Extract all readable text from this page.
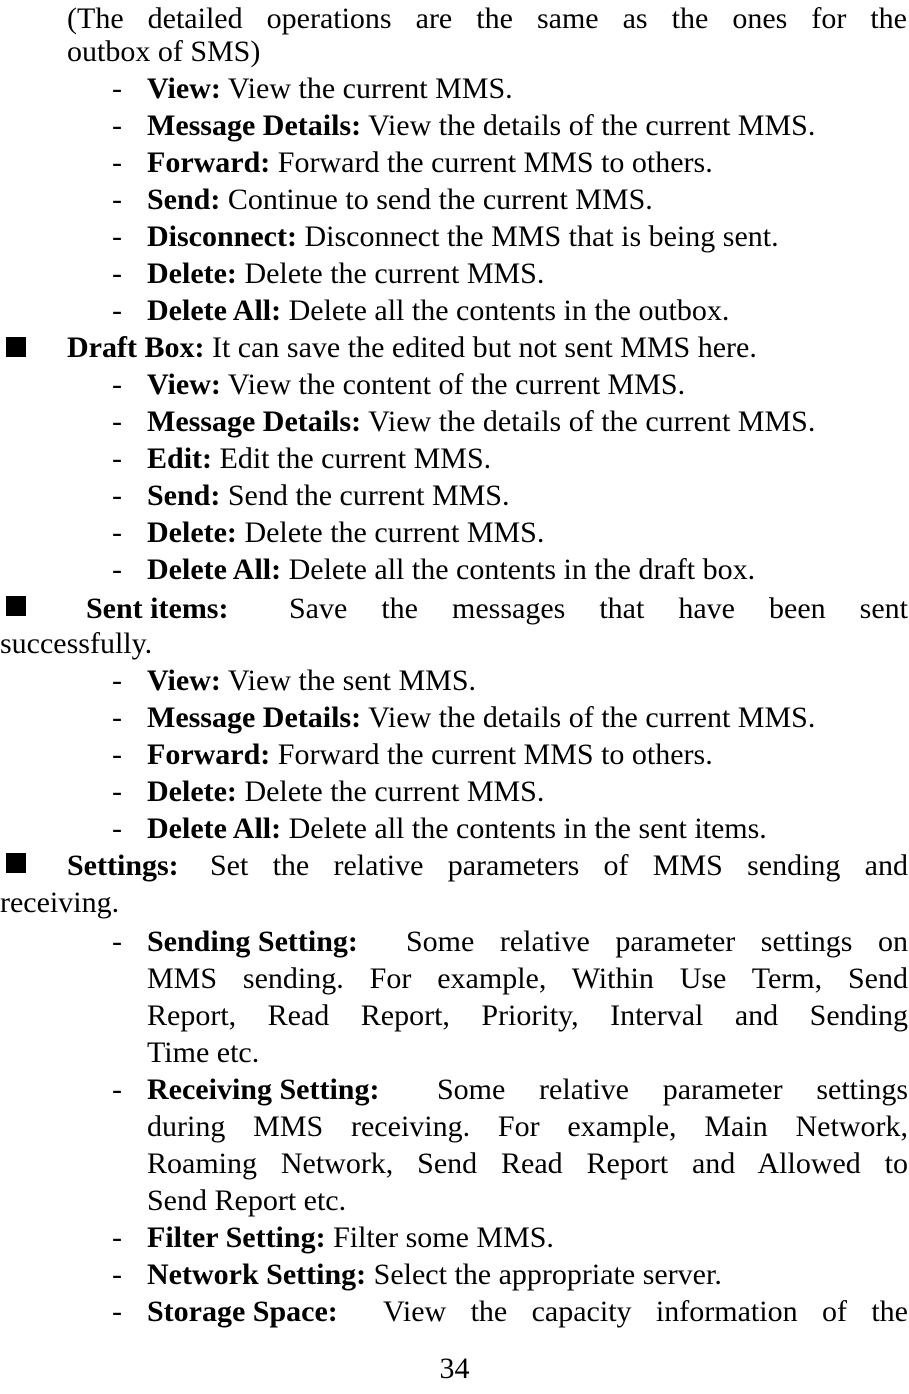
(The detailed operations are the same as the ones for the
outbox of SMS)
- View: View the current MMS.
- Message Details: View the details of the current MMS.
- Forward: Forward the current MMS to others.
- Send: Continue to send the current MMS.
- Disconnect: Disconnect the MMS that is being sent.
- Delete: Delete the current MMS.
- Delete All: Delete all the contents in the outbox.
Draft Box: It can save the edited but not sent MMS here.
- View: View the content of the current MMS.
- Message Details: View the details of the current MMS.
- Edit: Edit the current MMS.
- Send: Send the current MMS.
- Delete: Delete the current MMS.
- Delete All: Delete all the contents in the draft box.
Sent items: Save the messages that have been sent
successfully.
- View: View the sent MMS.
- Message Details: View the details of the current MMS.
- Forward: Forward the current MMS to others.
- Delete: Delete the current MMS.
- Delete All: Delete all the contents in the sent items.
Settings: Set the relative parameters of MMS sending and
receiving.
- Sending Setting: Some relative parameter settings on
MMS sending. For example, Within Use Term, Send
Report, Read Report, Priority, Interval and Sending
Time etc.
- Receiving Setting: Some relative parameter settings
during MMS receiving. For example, Main Network,
Roaming Network, Send Read Report and Allowed to
Send Report etc.
- Filter Setting: Filter some MMS.
- Network Setting: Select the appropriate server.
- Storage Space: View the capacity information of the
34
